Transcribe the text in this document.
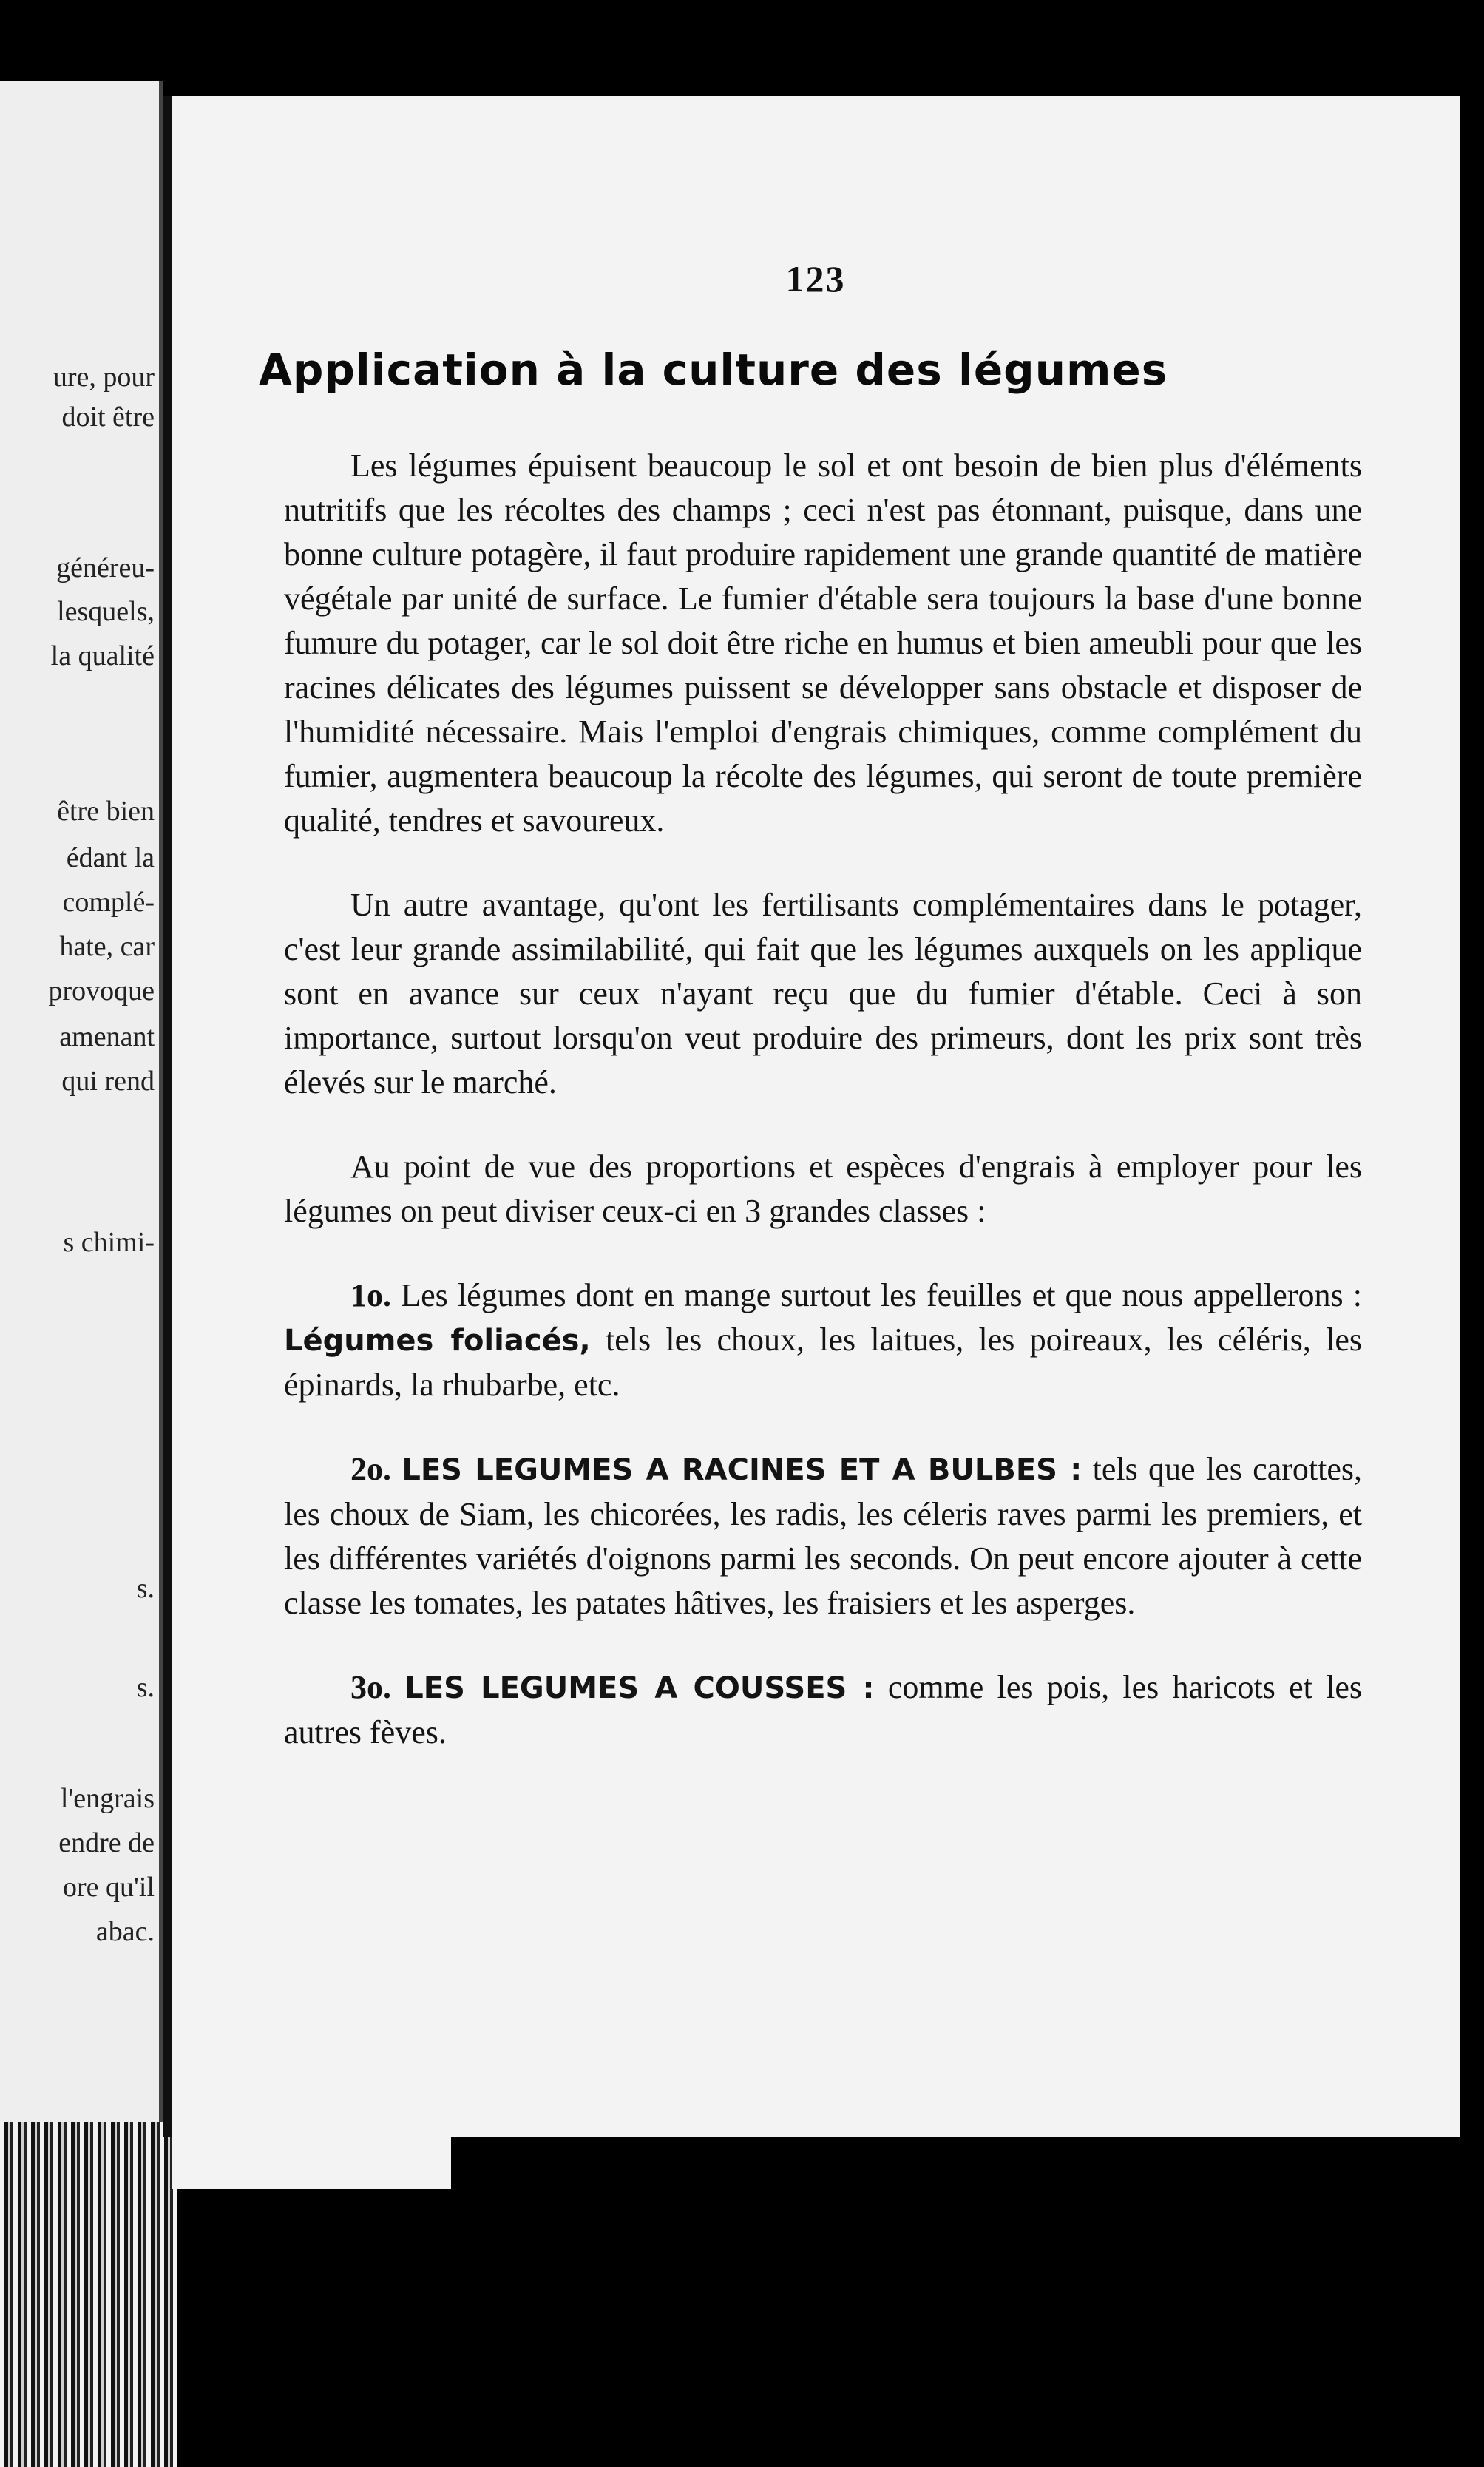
ure, pour
doit être
généreu-
lesquels,
la qualité
être bien
édant la
complé-
hate, car
provoque
amenant
qui rend
s chimi-
s.
s.
l'engrais
endre de
ore qu'il
abac.
123
Application à la culture des légumes

Les légumes épuisent beaucoup le sol et ont besoin de bien plus d'éléments nutritifs que les récoltes des champs ; ceci n'est pas étonnant, puisque, dans une bonne culture potagère, il faut produire rapidement une grande quantité de matière végétale par unité de surface. Le fumier d'étable sera toujours la base d'une bonne fumure du potager, car le sol doit être riche en humus et bien ameubli pour que les racines délicates des légumes puissent se développer sans obstacle et disposer de l'humidité nécessaire. Mais l'emploi d'engrais chimiques, comme complément du fumier, augmentera beaucoup la récolte des légumes, qui seront de toute première qualité, tendres et savoureux.

Un autre avantage, qu'ont les fertilisants complémentaires dans le potager, c'est leur grande assimilabilité, qui fait que les légumes auxquels on les applique sont en avance sur ceux n'ayant reçu que du fumier d'étable. Ceci à son importance, surtout lorsqu'on veut produire des primeurs, dont les prix sont très élevés sur le marché.

Au point de vue des proportions et espèces d'engrais à employer pour les légumes on peut diviser ceux-ci en 3 grandes classes :

1o. Les légumes dont en mange surtout les feuilles et que nous appellerons : Légumes foliacés, tels les choux, les laitues, les poireaux, les céléris, les épinards, la rhubarbe, etc.

2o. LES LEGUMES A RACINES ET A BULBES : tels que les carottes, les choux de Siam, les chicorées, les radis, les céleris raves parmi les premiers, et les différentes variétés d'oignons parmi les seconds. On peut encore ajouter à cette classe les tomates, les patates hâtives, les fraisiers et les asperges.

3o. LES LEGUMES A COUSSES : comme les pois, les haricots et les autres fèves.
